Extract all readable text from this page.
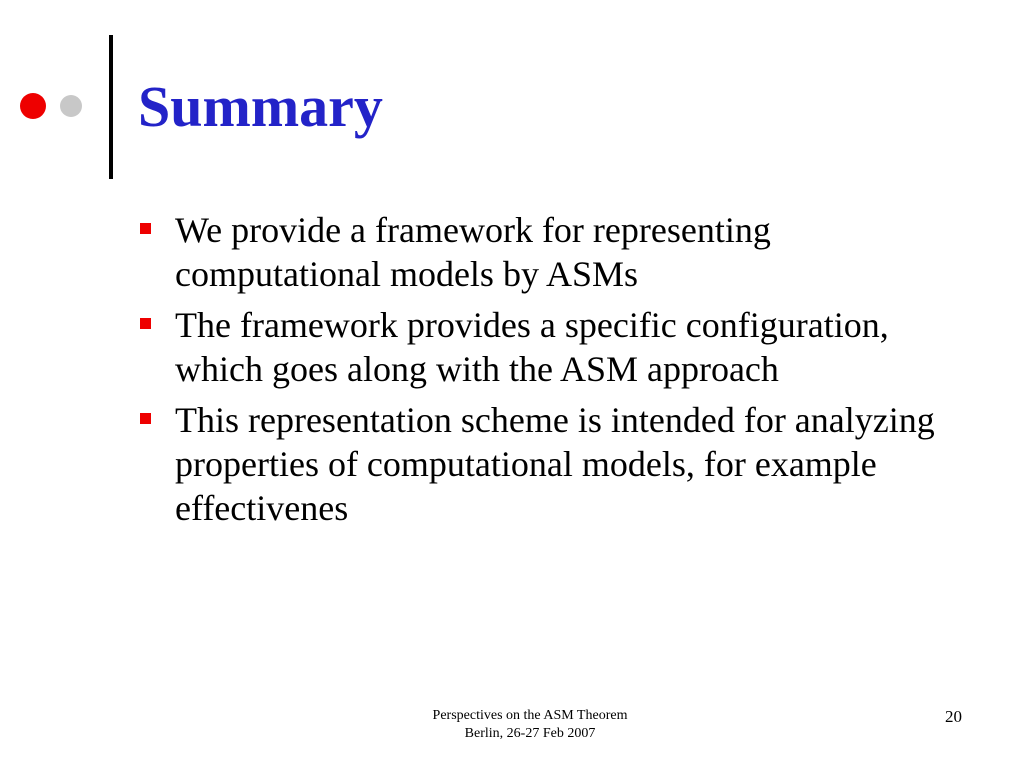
Summary
We provide a framework for representing computational models by ASMs
The framework provides a specific configuration, which goes along with the ASM approach
This representation scheme is intended for analyzing properties of computational models, for example effectivenes
Perspectives on the ASM Theorem
Berlin, 26-27 Feb 2007
20
